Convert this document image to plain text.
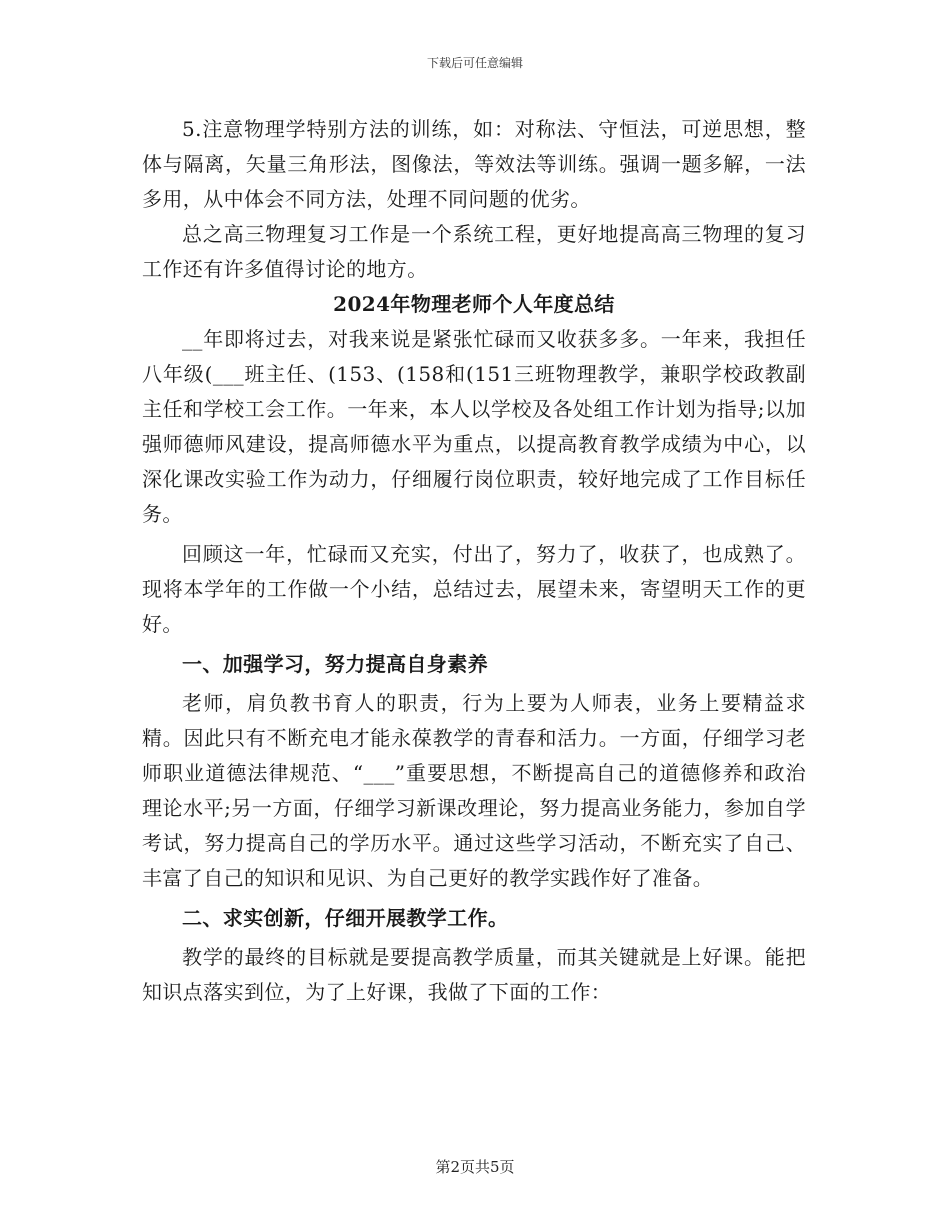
下载后可任意编辑

5.注意物理学特别方法的训练，如：对称法、守恒法，可逆思想，整体与隔离，矢量三角形法，图像法，等效法等训练。强调一题多解，一法多用，从中体会不同方法，处理不同问题的优劣。

总之高三物理复习工作是一个系统工程，更好地提高高三物理的复习工作还有许多值得讨论的地方。

2024年物理老师个人年度总结

__年即将过去，对我来说是紧张忙碌而又收获多多。一年来，我担任八年级(___班主任、(153、(158和(151三班物理教学，兼职学校政教副主任和学校工会工作。一年来，本人以学校及各处组工作计划为指导;以加强师德师风建设，提高师德水平为重点，以提高教育教学成绩为中心，以深化课改实验工作为动力，仔细履行岗位职责，较好地完成了工作目标任务。

回顾这一年，忙碌而又充实，付出了，努力了，收获了，也成熟了。现将本学年的工作做一个小结，总结过去，展望未来，寄望明天工作的更好。

一、加强学习，努力提高自身素养

老师，肩负教书育人的职责，行为上要为人师表，业务上要精益求精。因此只有不断充电才能永葆教学的青春和活力。一方面，仔细学习老师职业道德法律规范、“___”重要思想，不断提高自己的道德修养和政治理论水平;另一方面，仔细学习新课改理论，努力提高业务能力，参加自学考试，努力提高自己的学历水平。通过这些学习活动，不断充实了自己、丰富了自己的知识和见识、为自己更好的教学实践作好了准备。

二、求实创新，仔细开展教学工作。

教学的最终的目标就是要提高教学质量，而其关键就是上好课。能把知识点落实到位，为了上好课，我做了下面的工作：

第2页共5页
